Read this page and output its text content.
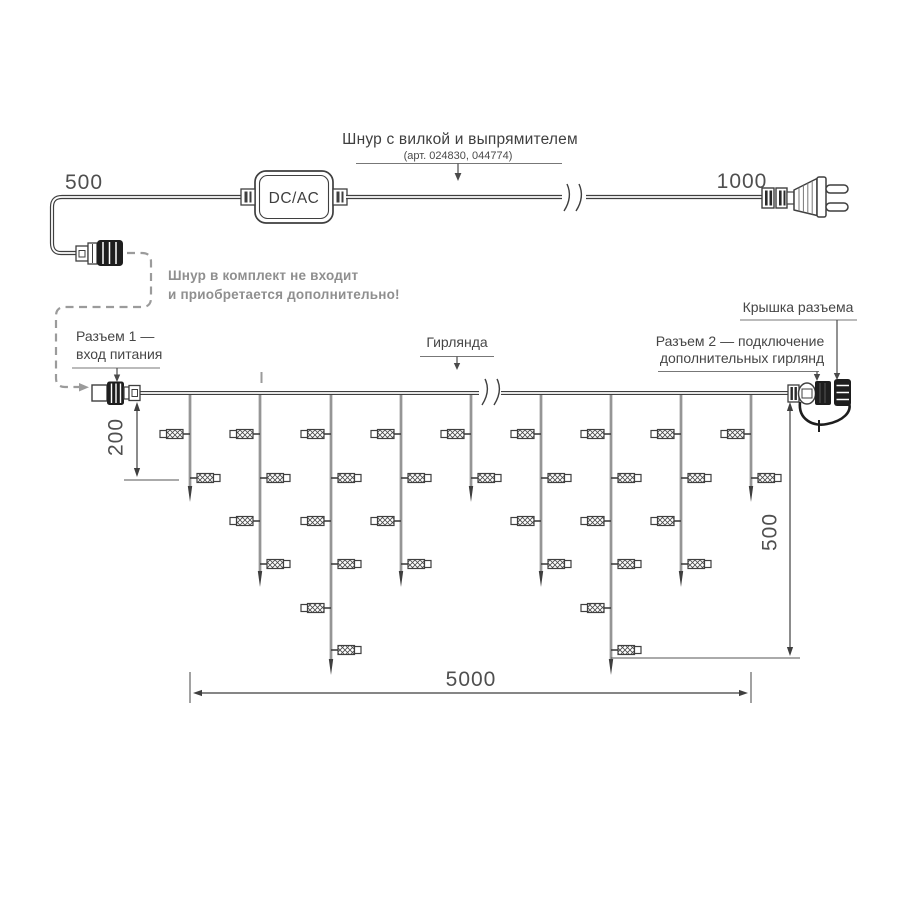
DC/AC
500	1000
Шнур с вилкой и выпрямителем
(арт. 024830, 044774)
Шнур в комплект не входит
и приобретается дополнительно!
Разъем 1 —
вход питания
Гирлянда	Разъем 2 — подключение
дополнительных гирлянд
Крышка разъема
200
500
5000
